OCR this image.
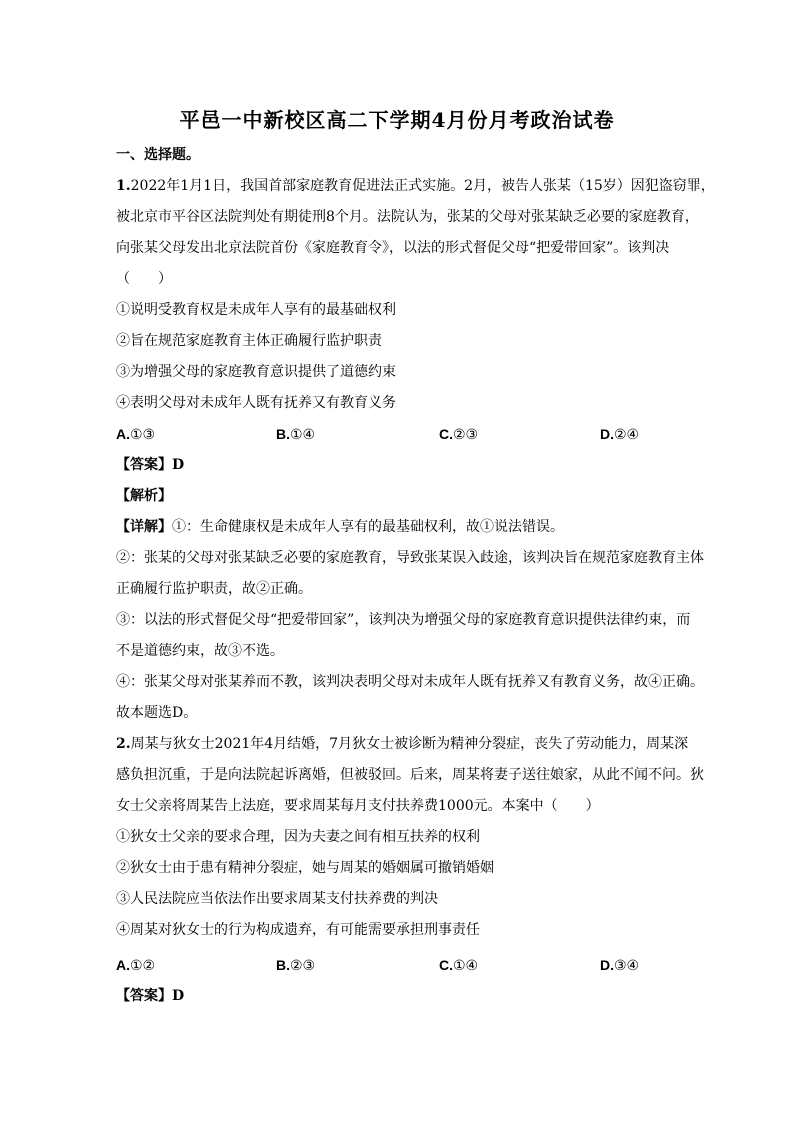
平邑一中新校区高二下学期4月份月考政治试卷
一、选择题。
1.2022年1月1日，我国首部家庭教育促进法正式实施。2月，被告人张某（15岁）因犯盗窃罪，
被北京市平谷区法院判处有期徒刑8个月。法院认为，张某的父母对张某缺乏必要的家庭教育，
向张某父母发出北京法院首份《家庭教育令》，以法的形式督促父母“把爱带回家”。该判决
（　　）
①说明受教育权是未成年人享有的最基础权利
②旨在规范家庭教育主体正确履行监护职责
③为增强父母的家庭教育意识提供了道德约束
④表明父母对未成年人既有抚养又有教育义务
A.①③	B.①④	C.②③	D.②④
【答案】D
【解析】
【详解】①：生命健康权是未成年人享有的最基础权利，故①说法错误。
②：张某的父母对张某缺乏必要的家庭教育，导致张某误入歧途，该判决旨在规范家庭教育主体
正确履行监护职责，故②正确。
③：以法的形式督促父母“把爱带回家”，该判决为增强父母的家庭教育意识提供法律约束，而
不是道德约束，故③不选。
④：张某父母对张某养而不教，该判决表明父母对未成年人既有抚养又有教育义务，故④正确。
故本题选D。
2.周某与狄女士2021年4月结婚，7月狄女士被诊断为精神分裂症，丧失了劳动能力，周某深
感负担沉重，于是向法院起诉离婚，但被驳回。后来，周某将妻子送往娘家，从此不闻不问。狄
女士父亲将周某告上法庭，要求周某每月支付扶养费1000元。本案中（　　）
①狄女士父亲的要求合理，因为夫妻之间有相互扶养的权利
②狄女士由于患有精神分裂症，她与周某的婚姻属可撤销婚姻
③人民法院应当依法作出要求周某支付扶养费的判决
④周某对狄女士的行为构成遗弃，有可能需要承担刑事责任
A.①②	B.②③	C.①④	D.③④
【答案】D
